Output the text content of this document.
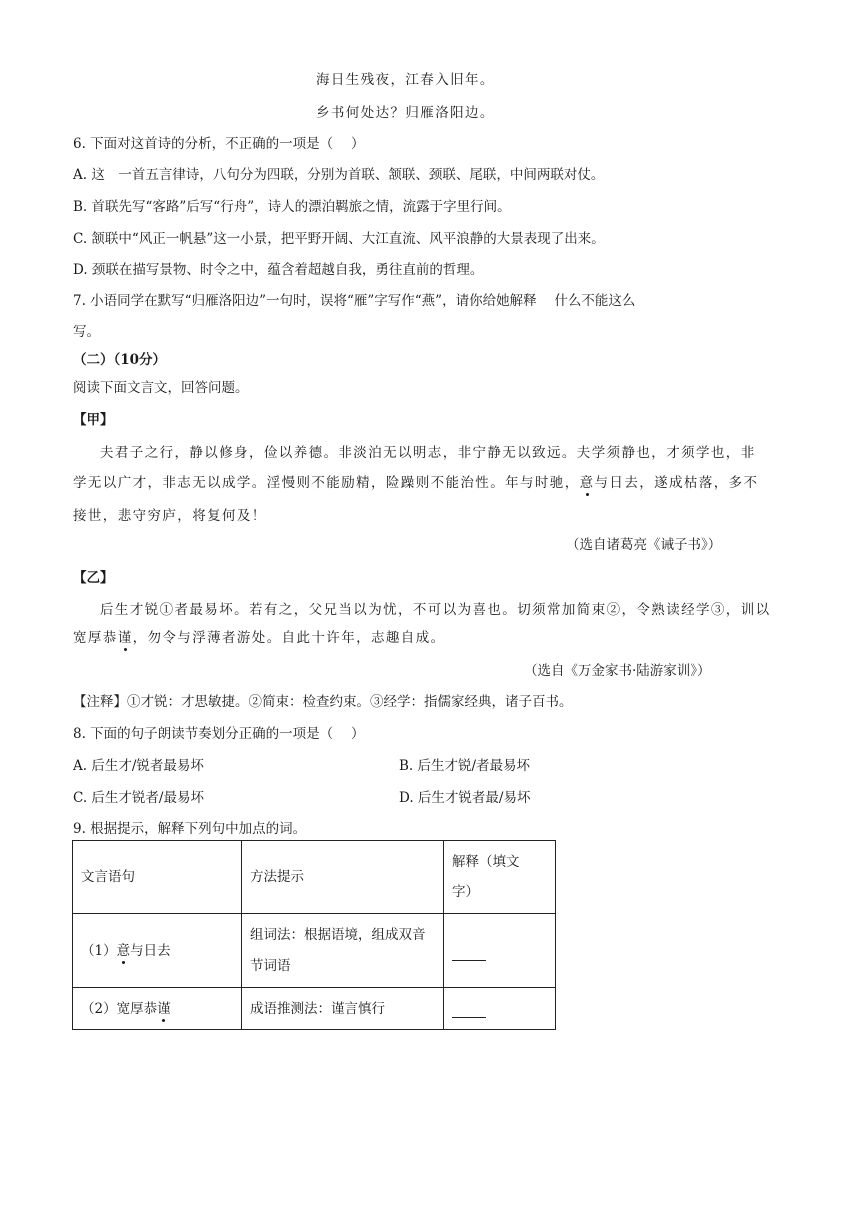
海日生残夜，江春入旧年。
乡书何处达？归雁洛阳边。
6. 下面对这首诗的分析，不正确的一项是（　 ）
A. 这　一首五言律诗，八句分为四联，分别为首联、颔联、颈联、尾联，中间两联对仗。
B. 首联先写“客路”后写“行舟”，诗人的漂泊羁旅之情，流露于字里行间。
C. 颔联中“风正一帆悬”这一小景，把平野开阔、大江直流、风平浪静的大景表现了出来。
D. 颈联在描写景物、时令之中，蕴含着超越自我，勇往直前的哲理。
7. 小语同学在默写“归雁洛阳边”一句时，误将“雁”字写作“燕”，请你给她解释　 什么不能这么
写。
（二）（10分）
阅读下面文言文，回答问题。
【甲】
夫君子之行，静以修身，俭以养德。非淡泊无以明志，非宁静无以致远。夫学须静也，才须学也，非
学无以广才，非志无以成学。淫慢则不能励精，险躁则不能治性。年与时驰，意与日去，遂成枯落，多不
接世，悲守穷庐，将复何及！
（选自诸葛亮《诫子书》）
【乙】
后生才锐①者最易坏。若有之，父兄当以为忧，不可以为喜也。切须常加简束②，令熟读经学③，训以
宽厚恭谨，勿令与浮薄者游处。自此十许年，志趣自成。
（选自《万金家书·陆游家训》）
【注释】①才锐：才思敏捷。②简束：检查约束。③经学：指儒家经典，诸子百书。
8. 下面的句子朗读节奏划分正确的一项是（　 ）
A. 后生才/锐者最易坏	B. 后生才锐/者最易坏
C. 后生才锐者/最易坏	D. 后生才锐者最/易坏
9. 根据提示，解释下列句中加点的词。
文言语句	方法提示	解释（填文
字）
（1）意与日去	组词法：根据语境，组成双音
节词语	
（2）宽厚恭谨	成语推测法：谨言慎行	
